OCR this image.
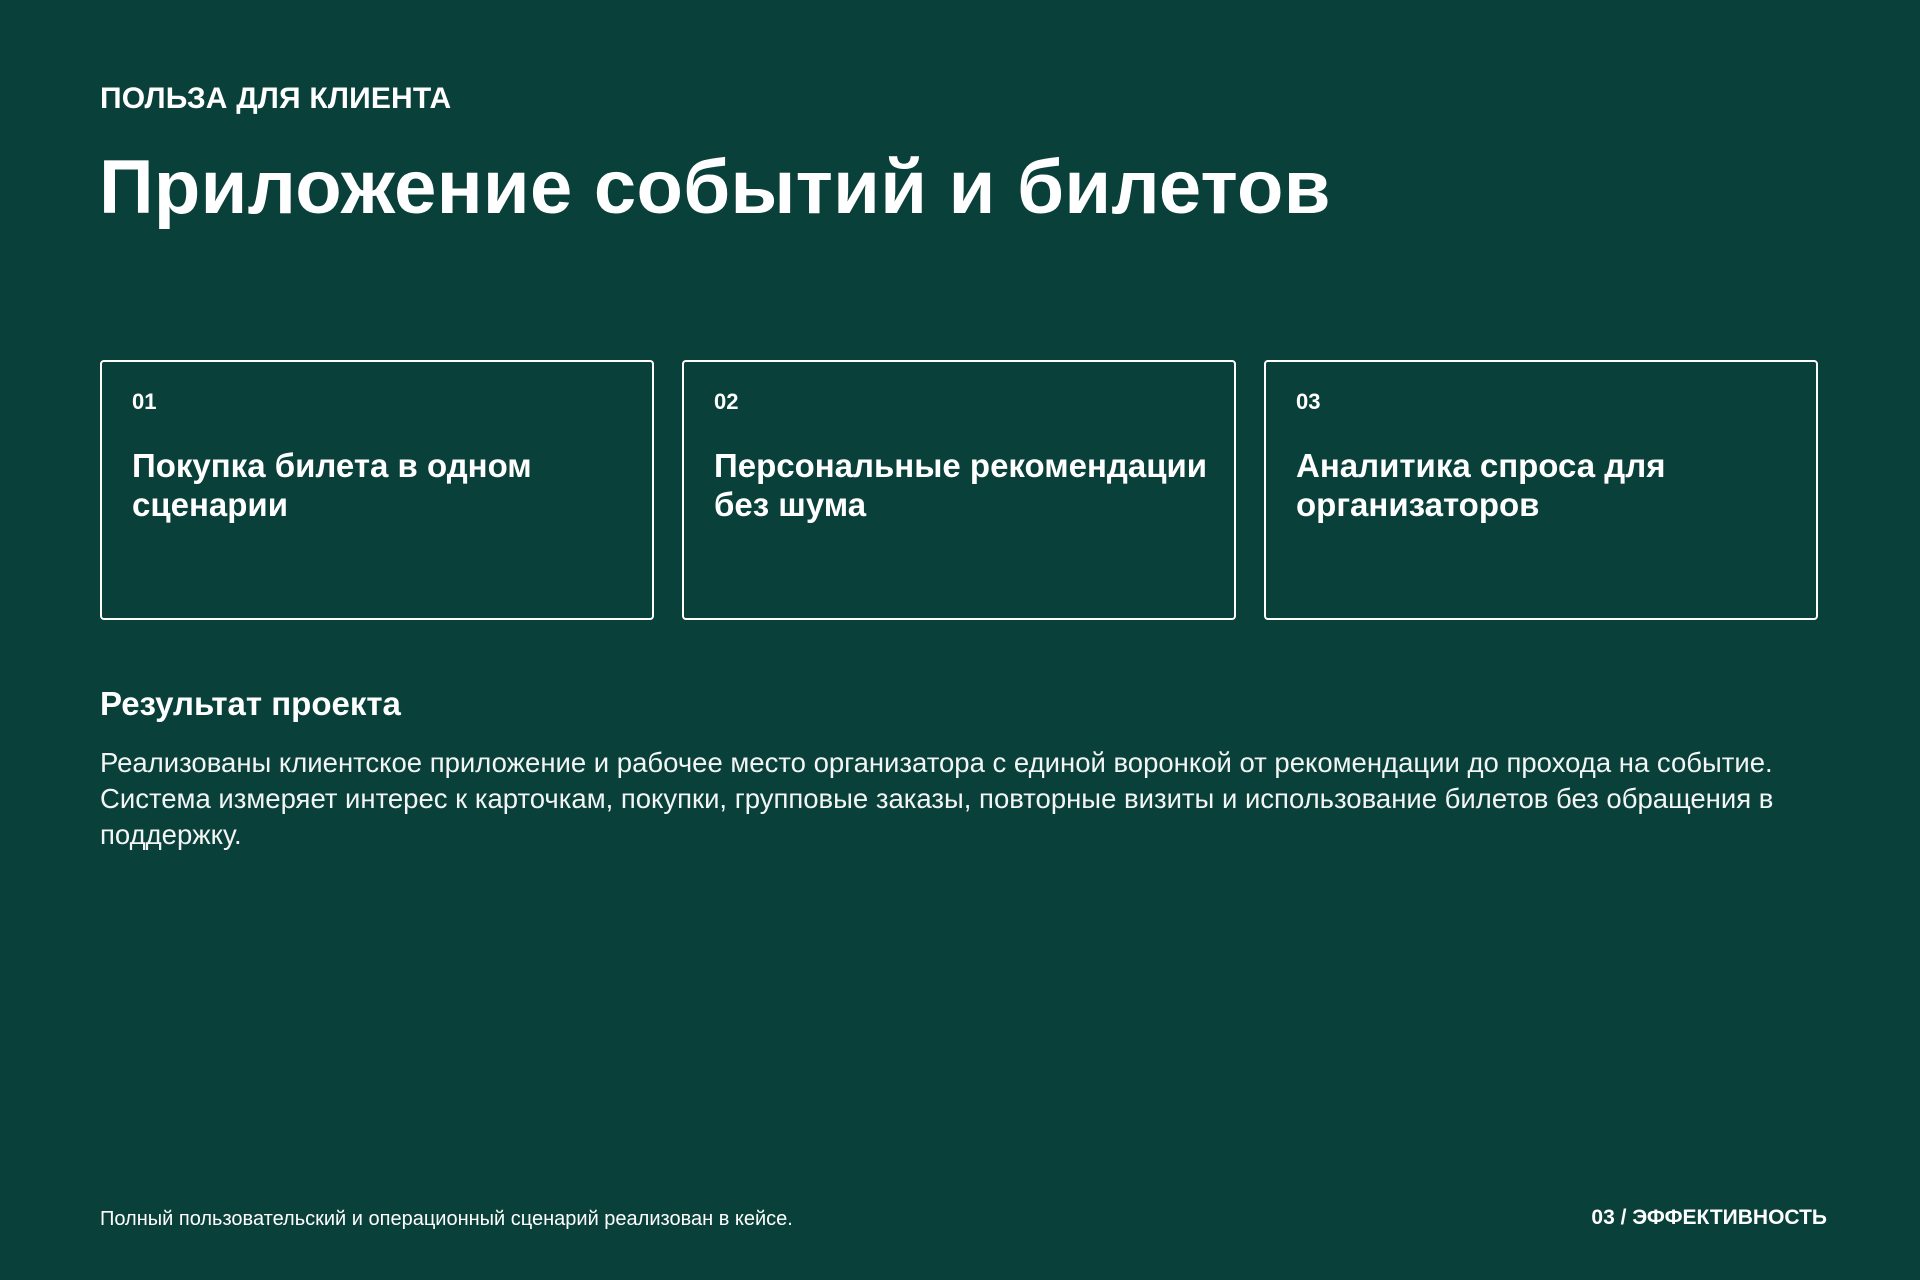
ПОЛЬЗА ДЛЯ КЛИЕНТА
Приложение событий и билетов
01
Покупка билета в одном сценарии
02
Персональные рекомендации без шума
03
Аналитика спроса для организаторов
Результат проекта

Реализованы клиентское приложение и рабочее место организатора с единой воронкой от рекомендации до прохода на событие. Система измеряет интерес к карточкам, покупки, групповые заказы, повторные визиты и использование билетов без обращения в поддержку.

Полный пользовательский и операционный сценарий реализован в кейсе.	03 / ЭФФЕКТИВНОСТЬ
